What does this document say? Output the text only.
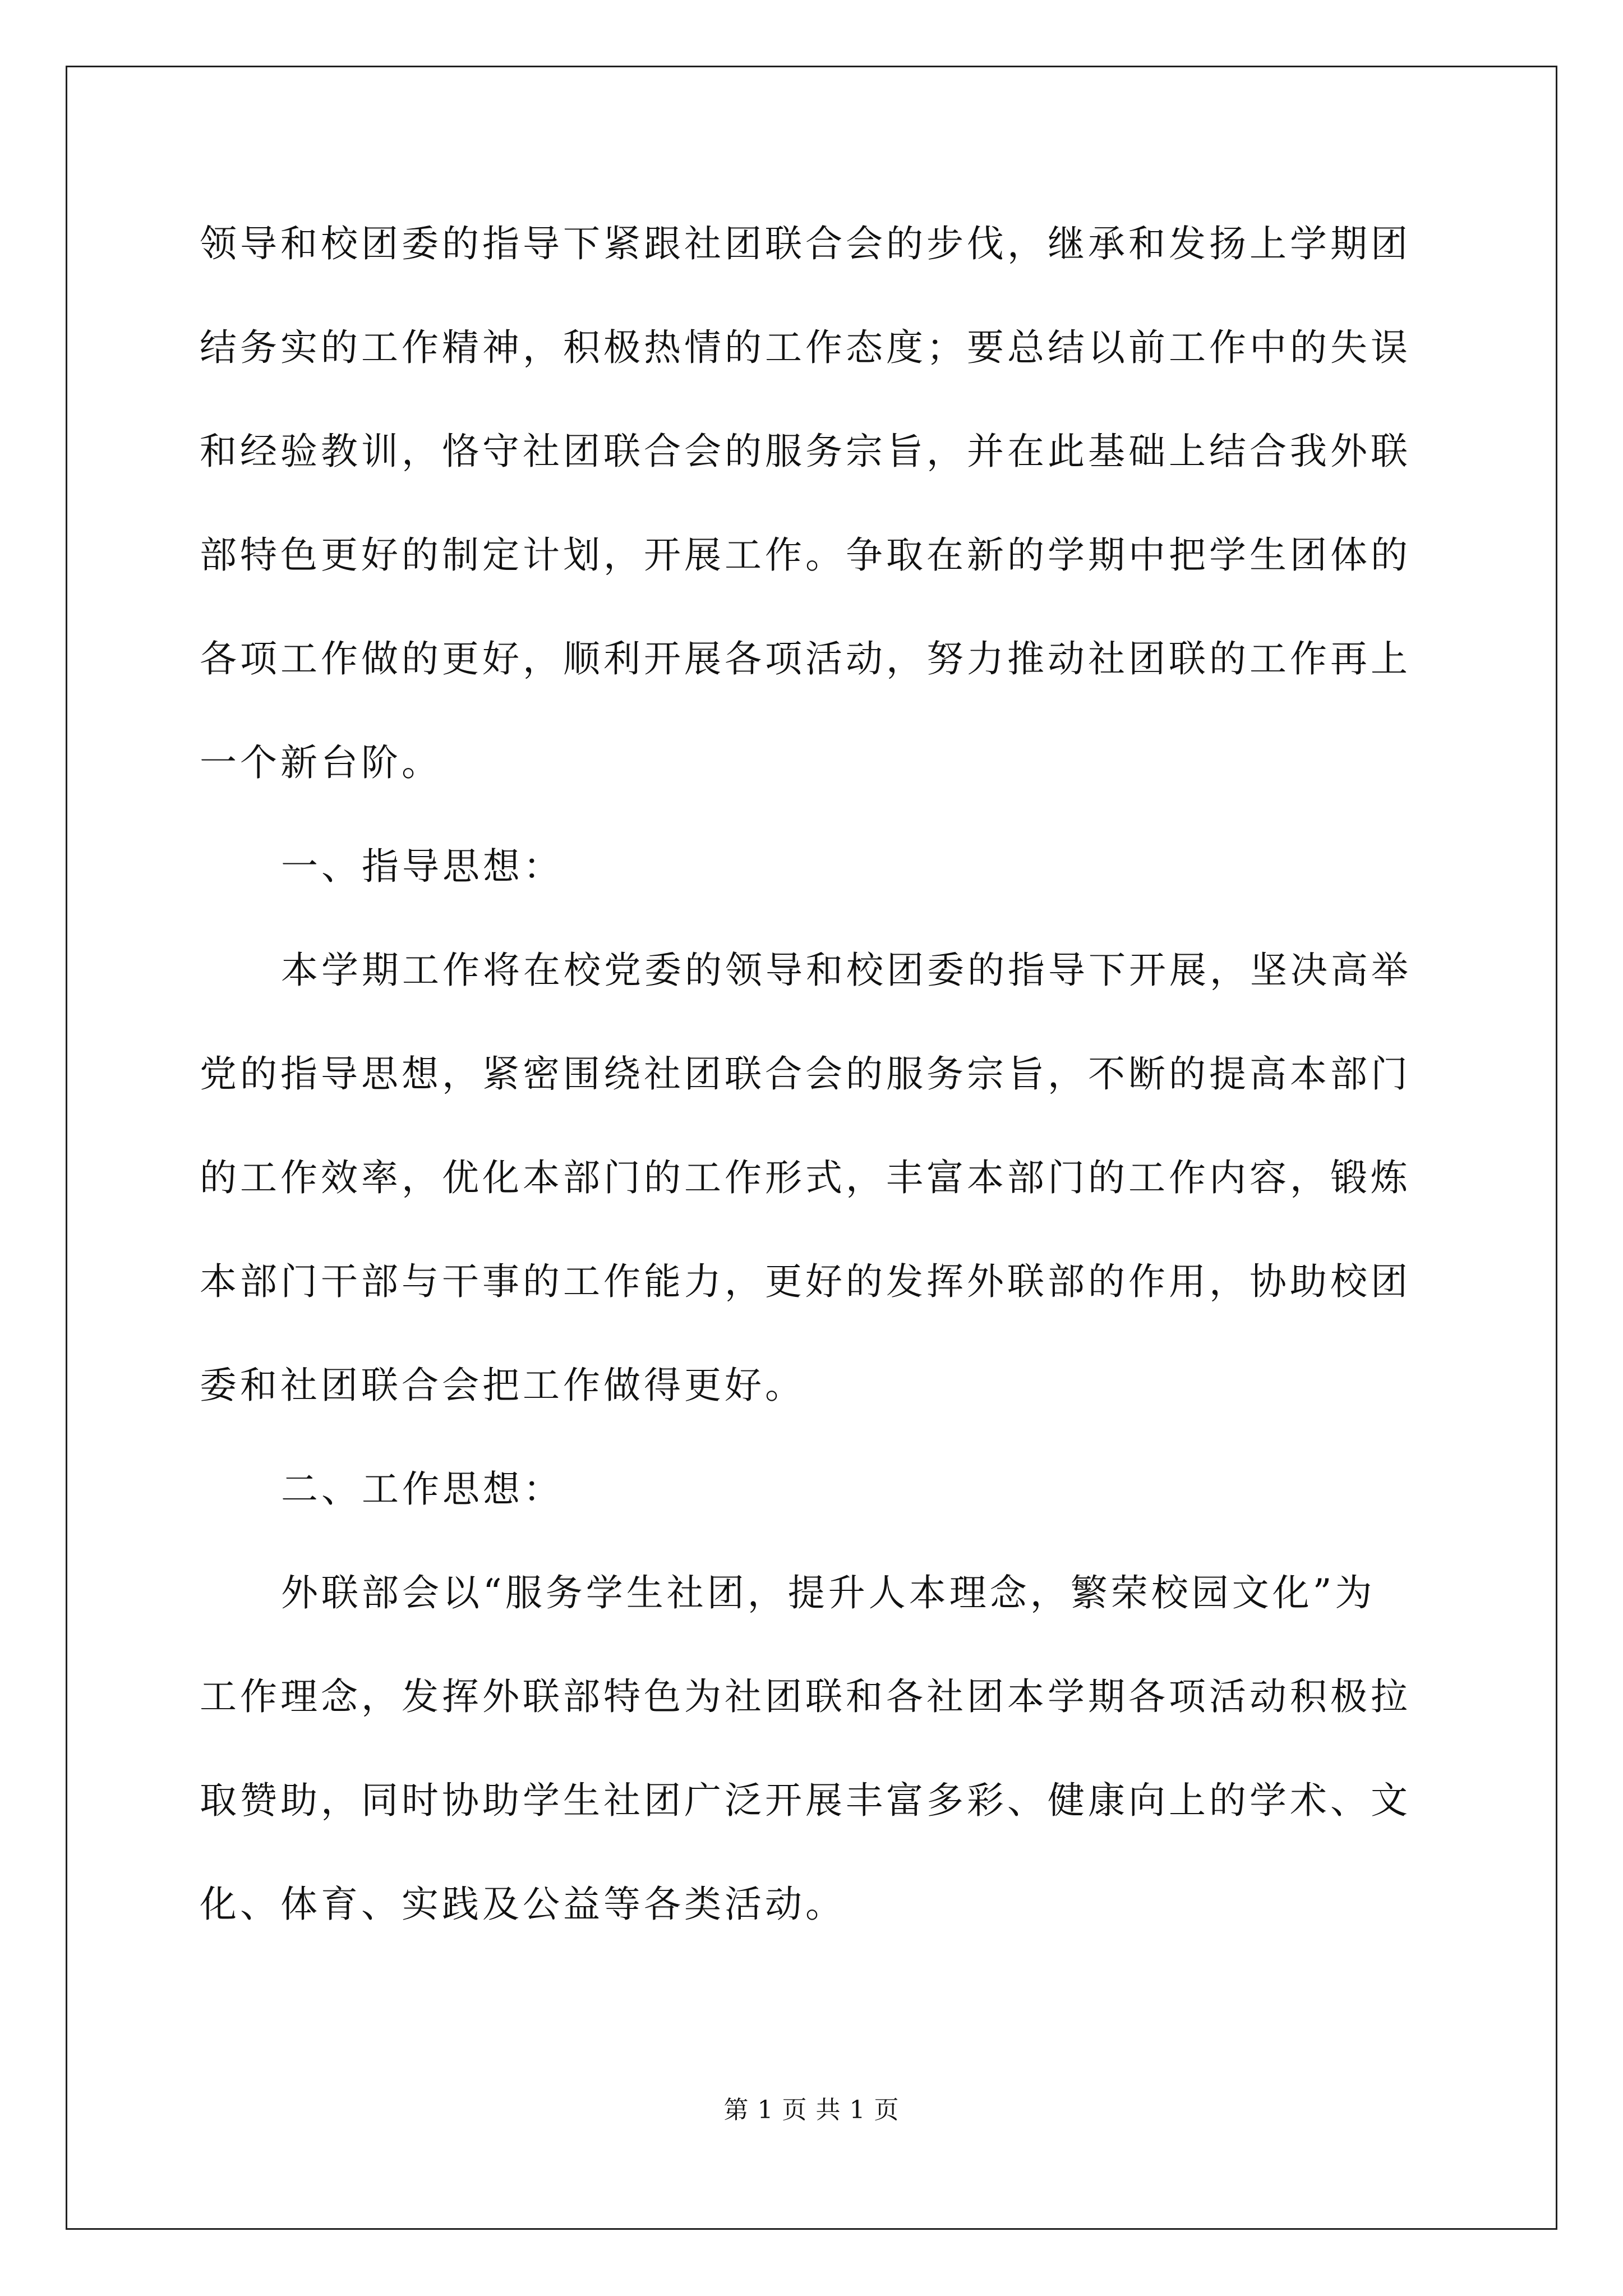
领导和校团委的指导下紧跟社团联合会的步伐，继承和发扬上学期团
结务实的工作精神，积极热情的工作态度；要总结以前工作中的失误
和经验教训，恪守社团联合会的服务宗旨，并在此基础上结合我外联
部特色更好的制定计划，开展工作。争取在新的学期中把学生团体的
各项工作做的更好，顺利开展各项活动，努力推动社团联的工作再上
一个新台阶。
一、指导思想：
本学期工作将在校党委的领导和校团委的指导下开展，坚决高举
党的指导思想，紧密围绕社团联合会的服务宗旨，不断的提高本部门
的工作效率，优化本部门的工作形式，丰富本部门的工作内容，锻炼
本部门干部与干事的工作能力，更好的发挥外联部的作用，协助校团
委和社团联合会把工作做得更好。
二、工作思想：
外联部会以“服务学生社团，提升人本理念，繁荣校园文化”为
工作理念，发挥外联部特色为社团联和各社团本学期各项活动积极拉
取赞助，同时协助学生社团广泛开展丰富多彩、健康向上的学术、文
化、体育、实践及公益等各类活动。
第 1 页 共 1 页
